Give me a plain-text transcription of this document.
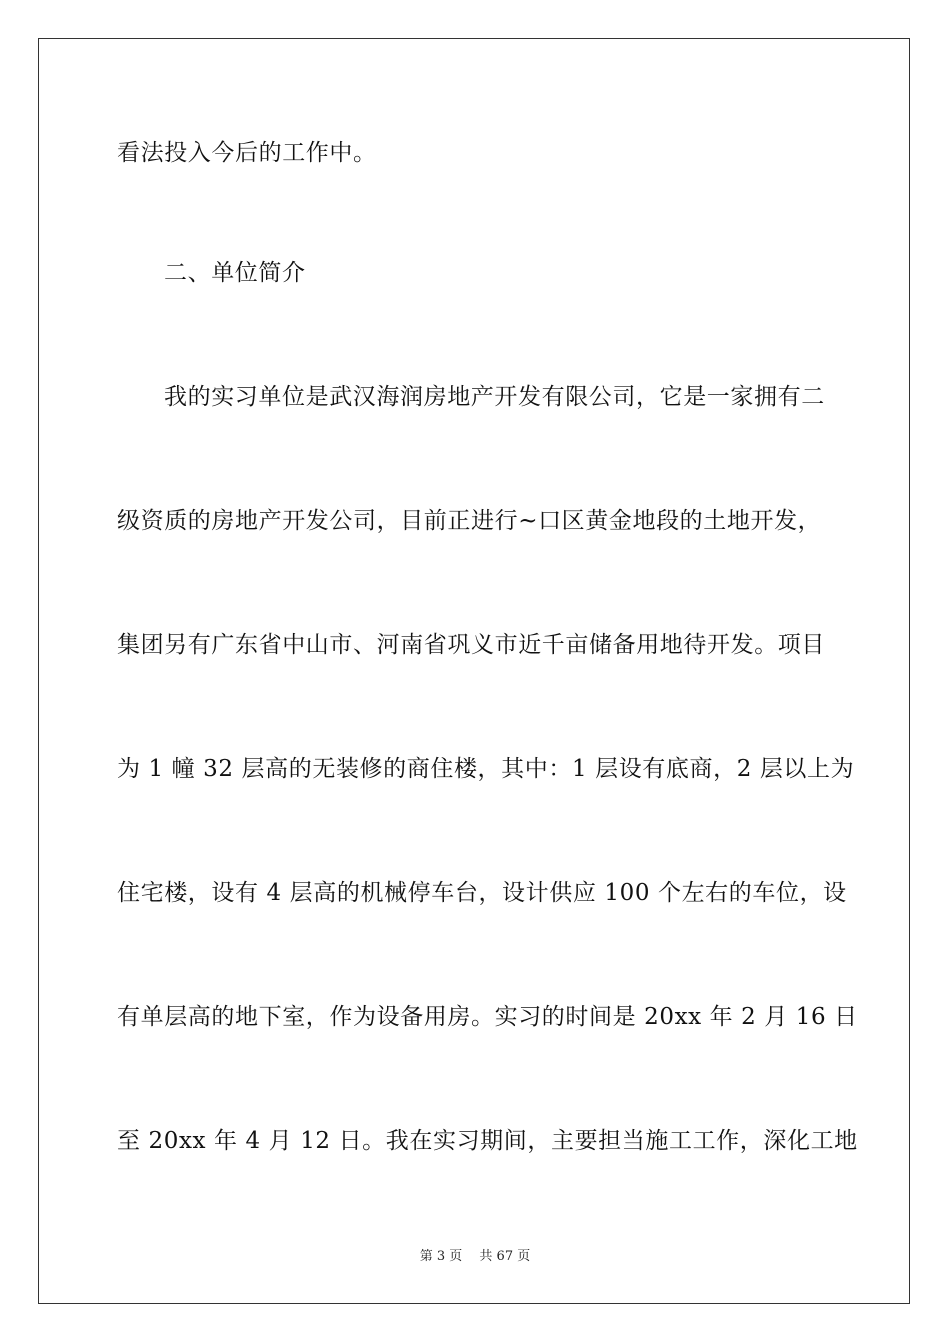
看法投入今后的工作中。
二、单位简介
我的实习单位是武汉海润房地产开发有限公司，它是一家拥有二
级资质的房地产开发公司，目前正进行~口区黄金地段的土地开发，
集团另有广东省中山市、河南省巩义市近千亩储备用地待开发。项目
为 1 幢 32 层高的无装修的商住楼，其中：1 层设有底商，2 层以上为
住宅楼，设有 4 层高的机械停车台，设计供应 100 个左右的车位，设
有单层高的地下室，作为设备用房。实习的时间是 20xx 年 2 月 16 日
至 20xx 年 4 月 12 日。我在实习期间，主要担当施工工作，深化工地
第 3 页　 共 67 页
